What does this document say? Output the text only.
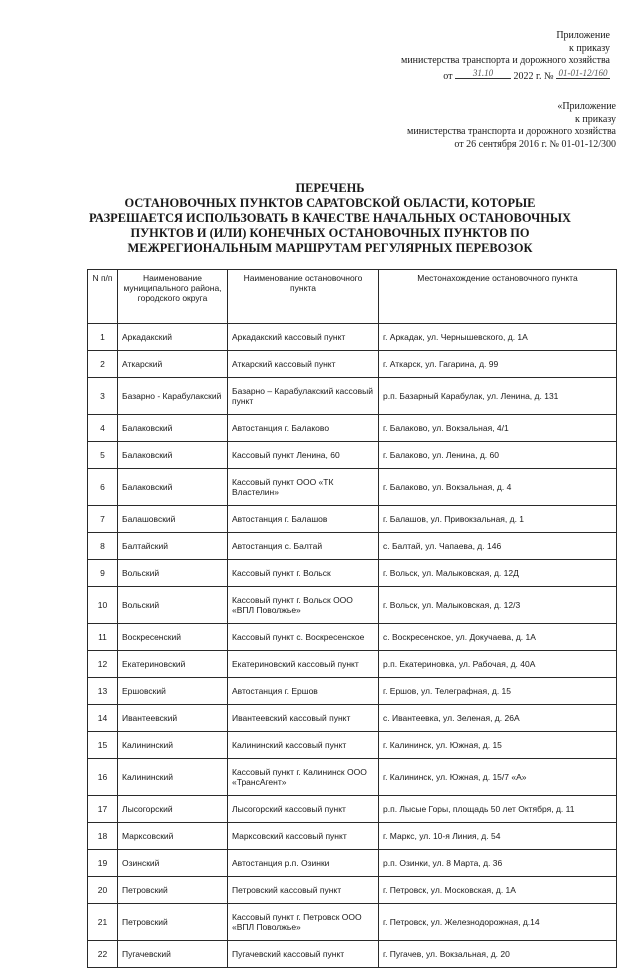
Приложение
к приказу
министерства транспорта и дорожного хозяйства
от 31.10 2022 г. № 01-01-12/160
«Приложение
к приказу
министерства транспорта и дорожного хозяйства
от 26 сентября 2016 г. № 01-01-12/300
ПЕРЕЧЕНЬ
ОСТАНОВОЧНЫХ ПУНКТОВ САРАТОВСКОЙ ОБЛАСТИ, КОТОРЫЕ
РАЗРЕШАЕТСЯ ИСПОЛЬЗОВАТЬ В КАЧЕСТВЕ НАЧАЛЬНЫХ ОСТАНОВОЧНЫХ
ПУНКТОВ И (ИЛИ) КОНЕЧНЫХ ОСТАНОВОЧНЫХ ПУНКТОВ ПО
МЕЖРЕГИОНАЛЬНЫМ МАРШРУТАМ РЕГУЛЯРНЫХ ПЕРЕВОЗОК
N п/п	Наименование муниципального района, городского округа	Наименование остановочного пункта	Местонахождение остановочного пункта
1	Аркадакский	Аркадакский кассовый пункт	г. Аркадак, ул. Чернышевского, д. 1А
2	Аткарский	Аткарский кассовый пункт	г. Аткарск, ул. Гагарина, д. 99
3	Базарно - Карабулакский	Базарно – Карабулакский кассовый пункт	р.п. Базарный Карабулак, ул. Ленина, д. 131
4	Балаковский	Автостанция г. Балаково	г. Балаково, ул. Вокзальная, 4/1
5	Балаковский	Кассовый пункт Ленина, 60	г. Балаково, ул. Ленина, д. 60
6	Балаковский	Кассовый пункт ООО «ТК Властелин»	г. Балаково, ул. Вокзальная, д. 4
7	Балашовский	Автостанция г. Балашов	г. Балашов, ул. Привокзальная, д. 1
8	Балтайский	Автостанция с. Балтай	с. Балтай, ул. Чапаева, д. 146
9	Вольский	Кассовый пункт г. Вольск	г. Вольск, ул. Малыковская, д. 12Д
10	Вольский	Кассовый пункт г. Вольск ООО «ВПЛ Поволжье»	г. Вольск, ул. Малыковская, д. 12/3
11	Воскресенский	Кассовый пункт с. Воскресенское	с. Воскресенское, ул. Докучаева, д. 1А
12	Екатериновский	Екатериновский кассовый пункт	р.п. Екатериновка, ул. Рабочая, д. 40А
13	Ершовский	Автостанция г. Ершов	г. Ершов, ул. Телеграфная, д. 15
14	Ивантеевский	Ивантеевский кассовый пункт	с. Ивантеевка, ул. Зеленая, д. 26А
15	Калининский	Калининский кассовый пункт	г. Калининск, ул. Южная, д. 15
16	Калининский	Кассовый пункт г. Калининск ООО «ТрансАгент»	г. Калининск, ул. Южная, д. 15/7 «А»
17	Лысогорский	Лысогорский кассовый пункт	р.п. Лысые Горы, площадь 50 лет Октября, д. 11
18	Марксовский	Марксовский кассовый пункт	г. Маркс, ул. 10-я Линия, д. 54
19	Озинский	Автостанция р.п. Озинки	р.п. Озинки, ул. 8 Марта, д. 36
20	Петровский	Петровский кассовый пункт	г. Петровск, ул. Московская, д. 1А
21	Петровский	Кассовый пункт г. Петровск ООО «ВПЛ Поволжье»	г. Петровск, ул. Железнодорожная, д.14
22	Пугачевский	Пугачевский кассовый пункт	г. Пугачев, ул. Вокзальная, д. 20
